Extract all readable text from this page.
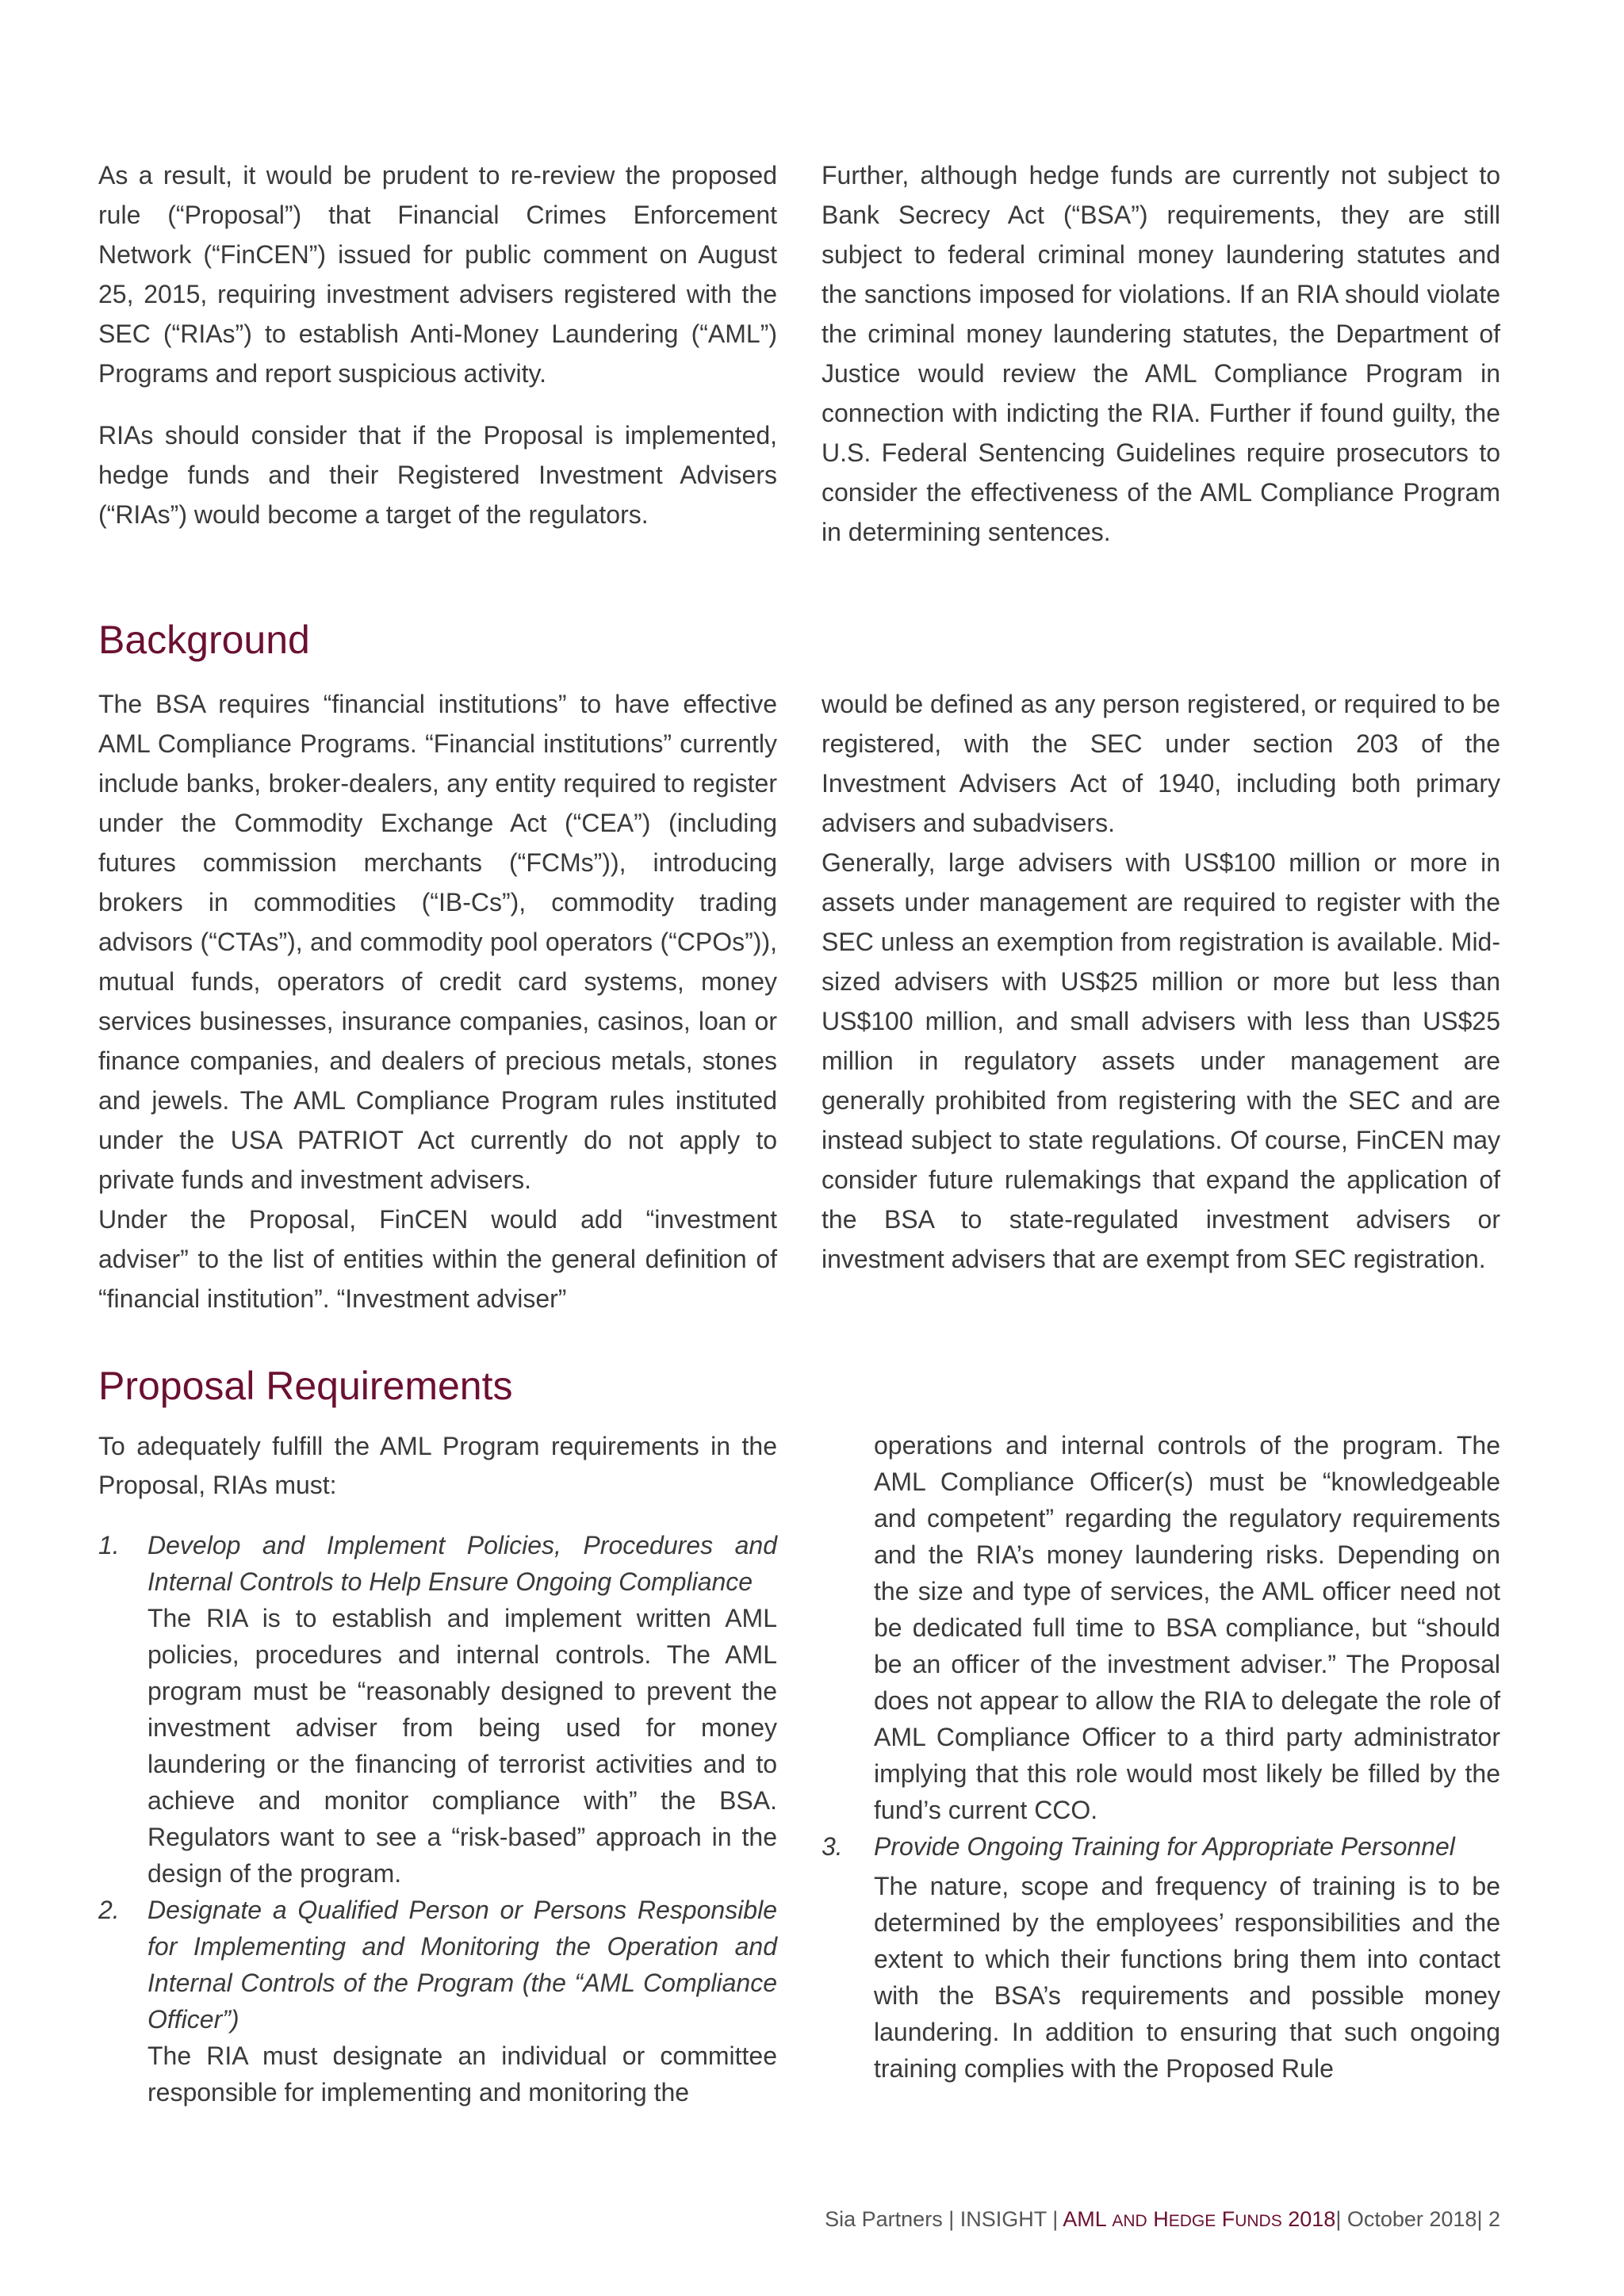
As a result, it would be prudent to re-review the proposed rule (“Proposal”) that Financial Crimes Enforcement Network (“FinCEN”) issued for public comment on August 25, 2015, requiring investment advisers registered with the SEC (“RIAs”) to establish Anti-Money Laundering (“AML”) Programs and report suspicious activity.

RIAs should consider that if the Proposal is implemented, hedge funds and their Registered Investment Advisers (“RIAs”) would become a target of the regulators.

Further, although hedge funds are currently not subject to Bank Secrecy Act (“BSA”) requirements, they are still subject to federal criminal money laundering statutes and the sanctions imposed for violations. If an RIA should violate the criminal money laundering statutes, the Department of Justice would review the AML Compliance Program in connection with indicting the RIA. Further if found guilty, the U.S. Federal Sentencing Guidelines require prosecutors to consider the effectiveness of the AML Compliance Program in determining sentences.

Background

The BSA requires “financial institutions” to have effective AML Compliance Programs. “Financial institutions” currently include banks, broker-dealers, any entity required to register under the Commodity Exchange Act (“CEA”) (including futures commission merchants (“FCMs”)), introducing brokers in commodities (“IB-Cs”), commodity trading advisors (“CTAs”), and commodity pool operators (“CPOs”)), mutual funds, operators of credit card systems, money services businesses, insurance companies, casinos, loan or finance companies, and dealers of precious metals, stones and jewels. The AML Compliance Program rules instituted under the USA PATRIOT Act currently do not apply to private funds and investment advisers.

Under the Proposal, FinCEN would add “investment adviser” to the list of entities within the general definition of “financial institution”. “Investment adviser”

would be defined as any person registered, or required to be registered, with the SEC under section 203 of the Investment Advisers Act of 1940, including both primary advisers and subadvisers.

Generally, large advisers with US$100 million or more in assets under management are required to register with the SEC unless an exemption from registration is available. Mid-sized advisers with US$25 million or more but less than US$100 million, and small advisers with less than US$25 million in regulatory assets under management are generally prohibited from registering with the SEC and are instead subject to state regulations. Of course, FinCEN may consider future rulemakings that expand the application of the BSA to state-regulated investment advisers or investment advisers that are exempt from SEC registration.

Proposal Requirements

To adequately fulfill the AML Program requirements in the Proposal, RIAs must:

1. Develop and Implement Policies, Procedures and Internal Controls to Help Ensure Ongoing Compliance
The RIA is to establish and implement written AML policies, procedures and internal controls. The AML program must be “reasonably designed to prevent the investment adviser from being used for money laundering or the financing of terrorist activities and to achieve and monitor compliance with” the BSA. Regulators want to see a “risk-based” approach in the design of the program.
2. Designate a Qualified Person or Persons Responsible for Implementing and Monitoring the Operation and Internal Controls of the Program (the “AML Compliance Officer”)
The RIA must designate an individual or committee responsible for implementing and monitoring the
operations and internal controls of the program. The AML Compliance Officer(s) must be “knowledgeable and competent” regarding the regulatory requirements and the RIA’s money laundering risks. Depending on the size and type of services, the AML officer need not be dedicated full time to BSA compliance, but “should be an officer of the investment adviser.” The Proposal does not appear to allow the RIA to delegate the role of AML Compliance Officer to a third party administrator implying that this role would most likely be filled by the fund’s current CCO.
3. Provide Ongoing Training for Appropriate Personnel
The nature, scope and frequency of training is to be determined by the employees’ responsibilities and the extent to which their functions bring them into contact with the BSA’s requirements and possible money laundering. In addition to ensuring that such ongoing training complies with the Proposed Rule
Sia Partners | INSIGHT | AML AND HEDGE FUNDS 2018| October 2018| 2
